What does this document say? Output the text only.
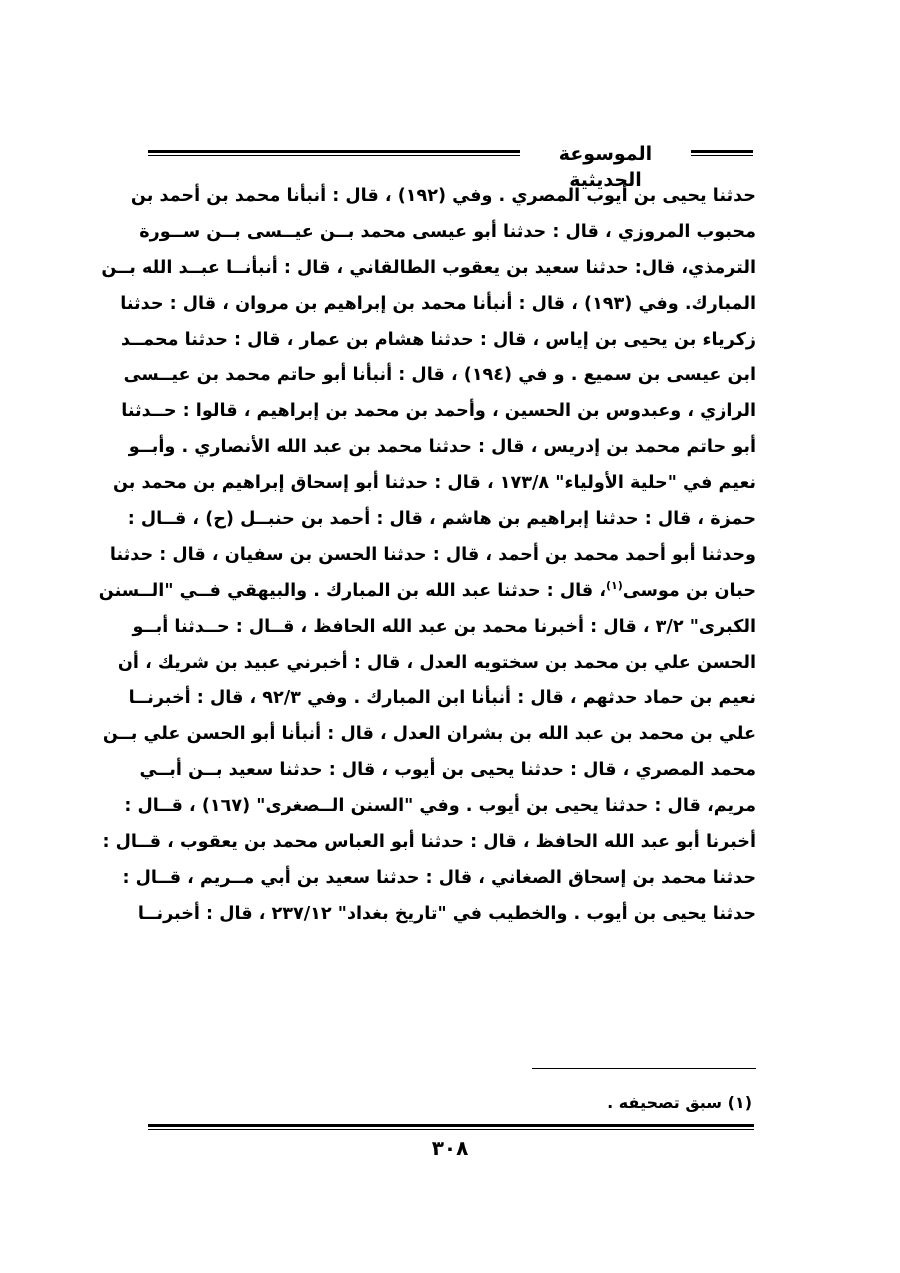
الموسوعة الحديثية
حدثنا يحيى بن أيوب المصري . وفي (١٩٢) ، قال : أنبأنا محمد بن أحمد بن
محبوب المروزي ، قال : حدثنا أبو عيسى محمد بــن عيــسى بــن ســورة
الترمذي، قال: حدثنا سعيد بن يعقوب الطالقاني ، قال : أنبأنــا عبــد الله بــن
المبارك. وفي (١٩٣) ، قال : أنبأنا محمد بن إبراهيم بن مروان ، قال : حدثنا
زكرياء بن يحيى بن إياس ، قال : حدثنا هشام بن عمار ، قال : حدثنا محمــد
ابن عيسى بن سميع . و في (١٩٤) ، قال : أنبأنا أبو حاتم محمد بن عيــسى
الرازي ، وعبدوس بن الحسين ، وأحمد بن محمد بن إبراهيم ، قالوا : حــدثنا
أبو حاتم محمد بن إدريس ، قال : حدثنا محمد بن عبد الله الأنصاري . وأبــو
نعيم في "حلية الأولياء" ١٧٣/٨ ، قال : حدثنا أبو إسحاق إبراهيم بن محمد بن
حمزة ، قال : حدثنا إبراهيم بن هاشم ، قال : أحمد بن حنبــل (ح) ، قــال :
وحدثنا أبو أحمد محمد بن أحمد ، قال : حدثنا الحسن بن سفيان ، قال : حدثنا
حبان بن موسى$^{(١)}$، قال : حدثنا عبد الله بن المبارك . والبيهقي فــي "الــسنن
الكبرى" ٣/٢ ، قال : أخبرنا محمد بن عبد الله الحافظ ، قــال : حــدثنا أبــو
الحسن علي بن محمد بن سختويه العدل ، قال : أخبرني عبيد بن شريك ، أن
نعيم بن حماد حدثهم ، قال : أنبأنا ابن المبارك . وفي ٩٢/٣ ، قال : أخبرنــا
علي بن محمد بن عبد الله بن بشران العدل ، قال : أنبأنا أبو الحسن علي بــن
محمد المصري ، قال : حدثنا يحيى بن أيوب ، قال : حدثنا سعيد بــن أبــي
مريم، قال : حدثنا يحيى بن أيوب . وفي "السنن الــصغرى" (١٦٧) ، قــال :
أخبرنا أبو عبد الله الحافظ ، قال : حدثنا أبو العباس محمد بن يعقوب ، قــال :
حدثنا محمد بن إسحاق الصغاني ، قال : حدثنا سعيد بن أبي مــريم ، قــال :
حدثنا يحيى بن أيوب . والخطيب في "تاريخ بغداد" ٢٣٧/١٢ ، قال : أخبرنــا
(١) سبق تصحيفه .
٣٠٨
